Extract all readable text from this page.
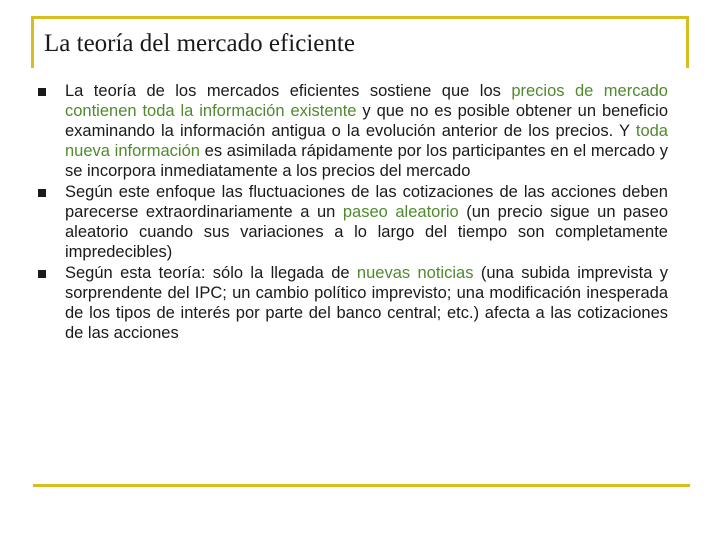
La teoría del mercado eficiente
La teoría de los mercados eficientes sostiene que los precios de mercado contienen toda la información existente y que no es posible obtener un beneficio examinando la información antigua o la evolución anterior de los precios. Y toda nueva información es asimilada rápidamente por los participantes en el mercado y se incorpora inmediatamente a los precios del mercado
Según este enfoque las fluctuaciones de las cotizaciones de las acciones deben parecerse extraordinariamente a un paseo aleatorio (un precio sigue un paseo aleatorio cuando sus variaciones a lo largo del tiempo son completamente impredecibles)
Según esta teoría: sólo la llegada de nuevas noticias (una subida imprevista y sorprendente del IPC; un cambio político imprevisto; una modificación inesperada de los tipos de interés por parte del banco central; etc.) afecta a las cotizaciones de las acciones
